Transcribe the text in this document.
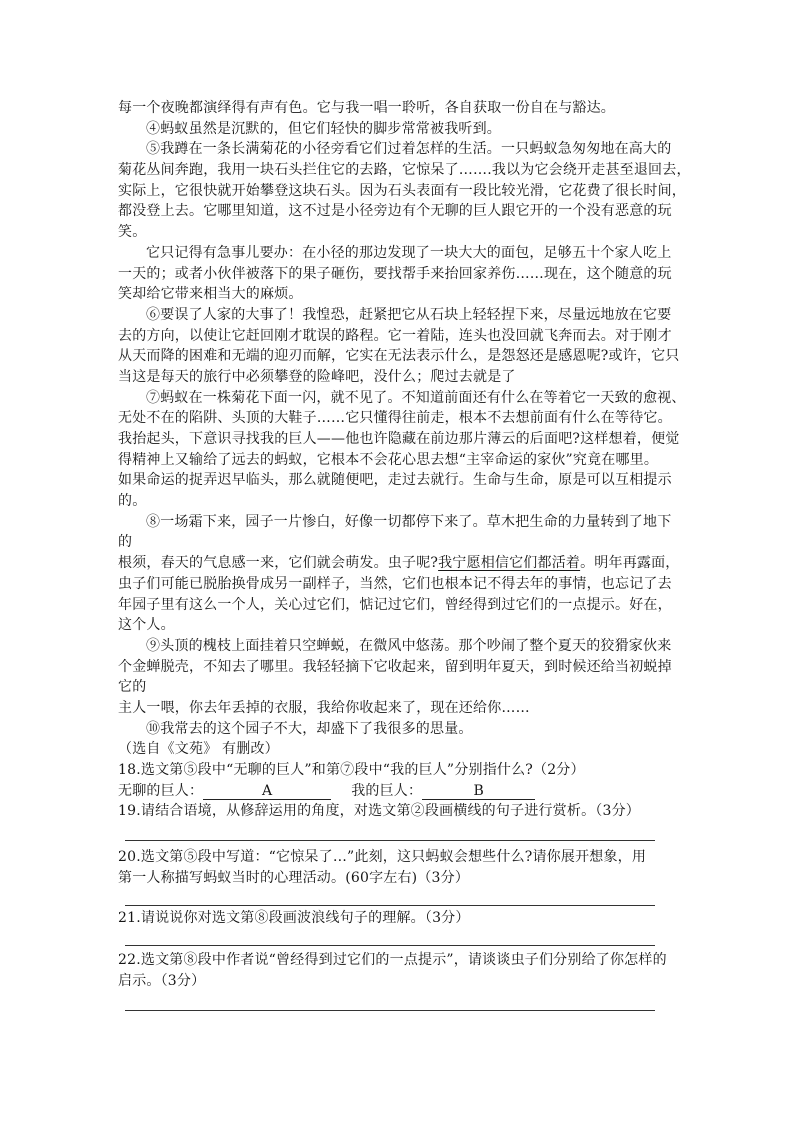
每一个夜晚都演绎得有声有色。它与我一唱一聆听，各自获取一份自在与豁达。
④蚂蚁虽然是沉默的，但它们轻快的脚步常常被我听到。
⑤我蹲在一条长满菊花的小径旁看它们过着怎样的生活。一只蚂蚁急匆匆地在高大的
菊花丛间奔跑，我用一块石头拦住它的去路，它惊呆了…….我以为它会绕开走甚至退回去，
实际上，它很快就开始攀登这块石头。因为石头表面有一段比较光滑，它花费了很长时间，
都没登上去。它哪里知道，这不过是小径旁边有个无聊的巨人跟它开的一个没有恶意的玩
笑。
它只记得有急事儿要办：在小径的那边发现了一块大大的面包，足够五十个家人吃上
一天的；或者小伙伴被落下的果子砸伤，要找帮手来抬回家养伤……现在，这个随意的玩
笑却给它带来相当大的麻烦。
⑥要误了人家的大事了！我惶恐，赶紧把它从石块上轻轻捏下来，尽量远地放在它要
去的方向，以使让它赶回刚才耽误的路程。它一着陆，连头也没回就飞奔而去。对于刚才
从天而降的困难和无端的迎刃而解，它实在无法表示什么，是怨怒还是感恩呢?或许，它只
当这是每天的旅行中必须攀登的险峰吧，没什么；爬过去就是了
⑦蚂蚁在一株菊花下面一闪，就不见了。不知道前面还有什么在等着它一天致的愈视、
无处不在的陷阱、头顶的大鞋子……它只懂得往前走，根本不去想前面有什么在等待它。
我抬起头，下意识寻找我的巨人——他也许隐藏在前边那片薄云的后面吧?这样想着，便觉
得精神上又输给了远去的蚂蚁，它根本不会花心思去想“主宰命运的家伙”究竟在哪里。
如果命运的捉弄迟早临头，那么就随便吧，走过去就行。生命与生命，原是可以互相提示
的。
⑧一场霜下来，园子一片惨白，好像一切都停下来了。草木把生命的力量转到了地下
的
根须，春天的气息感一来，它们就会萌发。虫子呢?我宁愿相信它们都活着。明年再露面，
虫子们可能已脱胎换骨成另一副样子，当然，它们也根本记不得去年的事情，也忘记了去
年园子里有这么一个人，关心过它们，惦记过它们，曾经得到过它们的一点提示。好在，
这个人。
⑨头顶的槐枝上面挂着只空蝉蜕，在微风中悠荡。那个吵闹了整个夏天的狡猾家伙来
个金蝉脱壳，不知去了哪里。我轻轻摘下它收起来，留到明年夏天，到时候还给当初蜕掉
它的
主人一喂，你去年丢掉的衣服，我给你收起来了，现在还给你……
⑩我常去的这个园子不大，却盛下了我很多的思量。
（选自《文苑》 有删改）
18.选文第⑤段中“无聊的巨人”和第⑦段中“我的巨人”分别指什么?（2分）
无聊的巨人：	A	我的巨人：	B
19.请结合语境，从修辞运用的角度，对选文第②段画横线的句子进行赏析。（3分）
20.选文第⑤段中写道：“它惊呆了…”此刻，这只蚂蚁会想些什么?请你展开想象，用
第一人称描写蚂蚁当时的心理活动。(60字左右)（3分）
21.请说说你对选文第⑧段画波浪线句子的理解。（3分）
22.选文第⑧段中作者说“曾经得到过它们的一点提示”，请谈谈虫子们分别给了你怎样的
启示。（3分）
